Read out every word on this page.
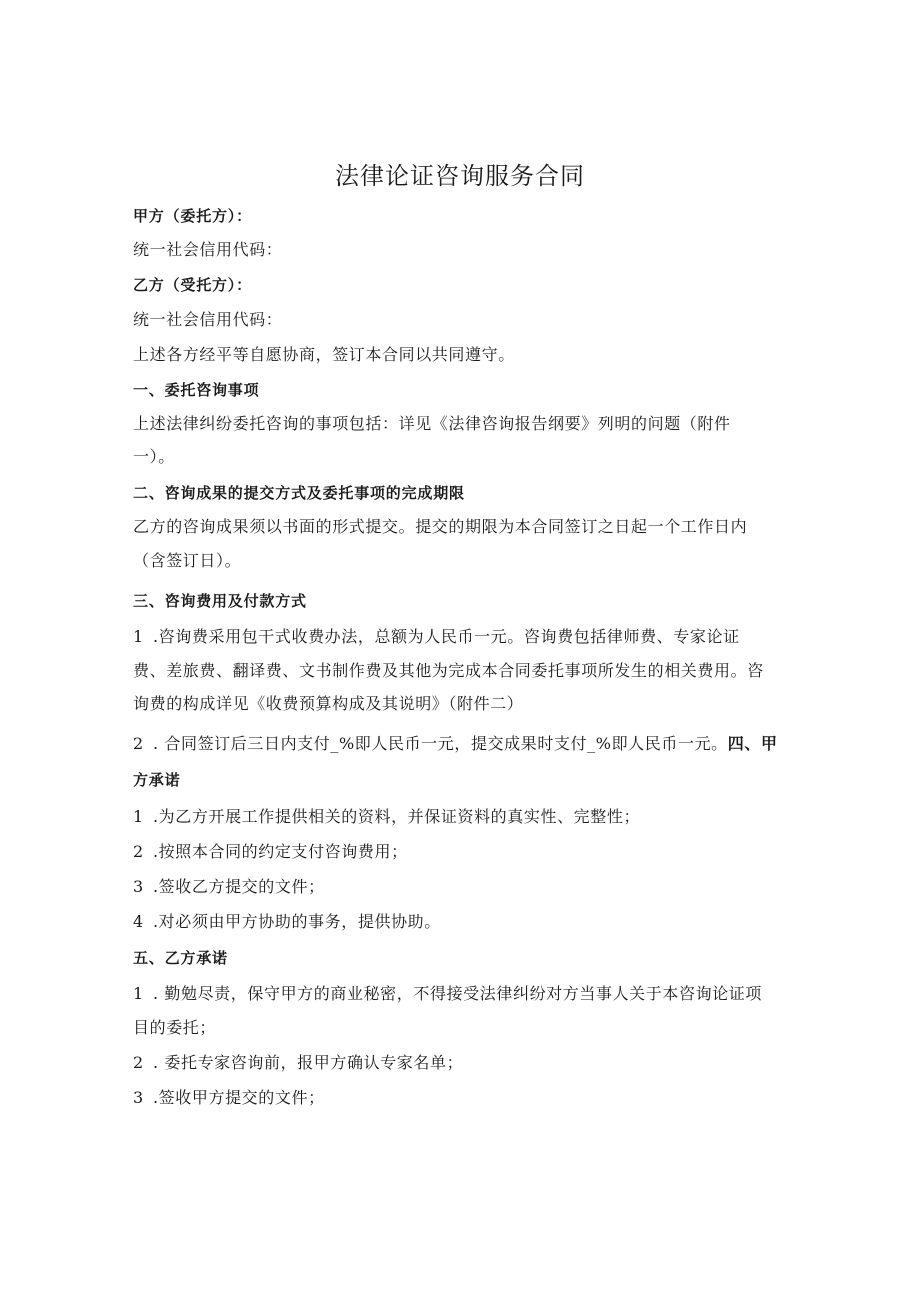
法律论证咨询服务合同
甲方（委托方）：
统一社会信用代码：
乙方（受托方）：
统一社会信用代码：
上述各方经平等自愿协商，签订本合同以共同遵守。
一、委托咨询事项
上述法律纠纷委托咨询的事项包括：详见《法律咨询报告纲要》列明的问题（附件
一）。
二、咨询成果的提交方式及委托事项的完成期限
乙方的咨询成果须以书面的形式提交。提交的期限为本合同签订之日起一个工作日内
（含签订日）。
三、咨询费用及付款方式
1 .咨询费采用包干式收费办法，总额为人民币一元。咨询费包括律师费、专家论证
费、差旅费、翻译费、文书制作费及其他为完成本合同委托事项所发生的相关费用。咨
询费的构成详见《收费预算构成及其说明》（附件二）
2 . 合同签订后三日内支付_%即人民币一元，提交成果时支付_%即人民币一元。四、甲
方承诺
1 .为乙方开展工作提供相关的资料，并保证资料的真实性、完整性；
2 .按照本合同的约定支付咨询费用；
3 .签收乙方提交的文件；
4 .对必须由甲方协助的事务，提供协助。
五、乙方承诺
1 . 勤勉尽责，保守甲方的商业秘密，不得接受法律纠纷对方当事人关于本咨询论证项
目的委托；
2 . 委托专家咨询前，报甲方确认专家名单；
3 .签收甲方提交的文件；
